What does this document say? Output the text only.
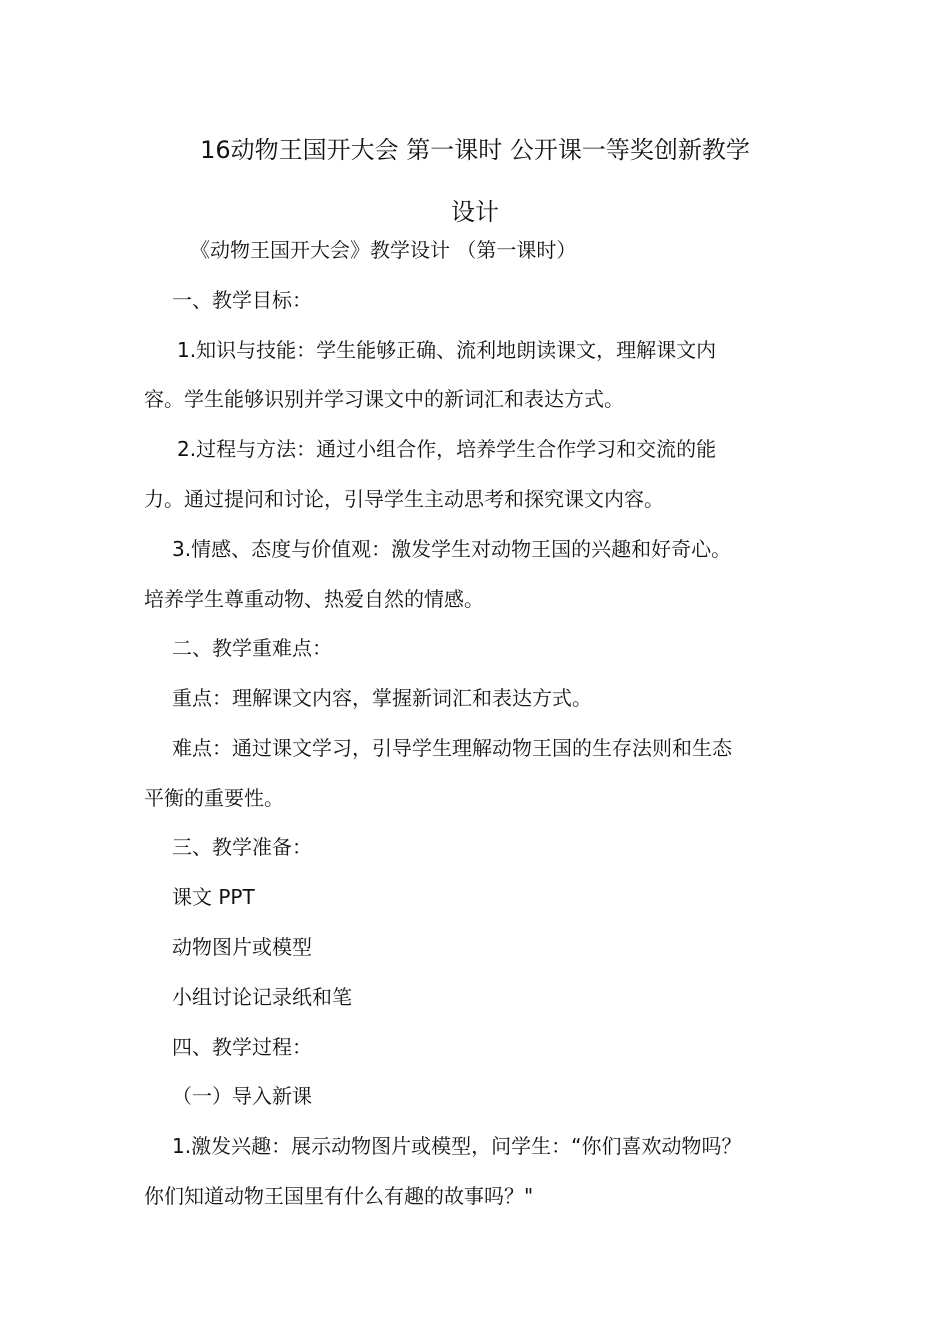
16动物王国开大会 第一课时 公开课一等奖创新教学
设计
《动物王国开大会》教学设计 （第一课时）
一、教学目标：
1.知识与技能：学生能够正确、流利地朗读课文，理解课文内
容。学生能够识别并学习课文中的新词汇和表达方式。
2.过程与方法：通过小组合作，培养学生合作学习和交流的能
力。通过提问和讨论，引导学生主动思考和探究课文内容。
3.情感、态度与价值观：激发学生对动物王国的兴趣和好奇心。
培养学生尊重动物、热爱自然的情感。
二、教学重难点：
重点：理解课文内容，掌握新词汇和表达方式。
难点：通过课文学习，引导学生理解动物王国的生存法则和生态
平衡的重要性。
三、教学准备：
课文 PPT
动物图片或模型
小组讨论记录纸和笔
四、教学过程：
（一）导入新课
1.激发兴趣：展示动物图片或模型，问学生：“你们喜欢动物吗？
你们知道动物王国里有什么有趣的故事吗？"
